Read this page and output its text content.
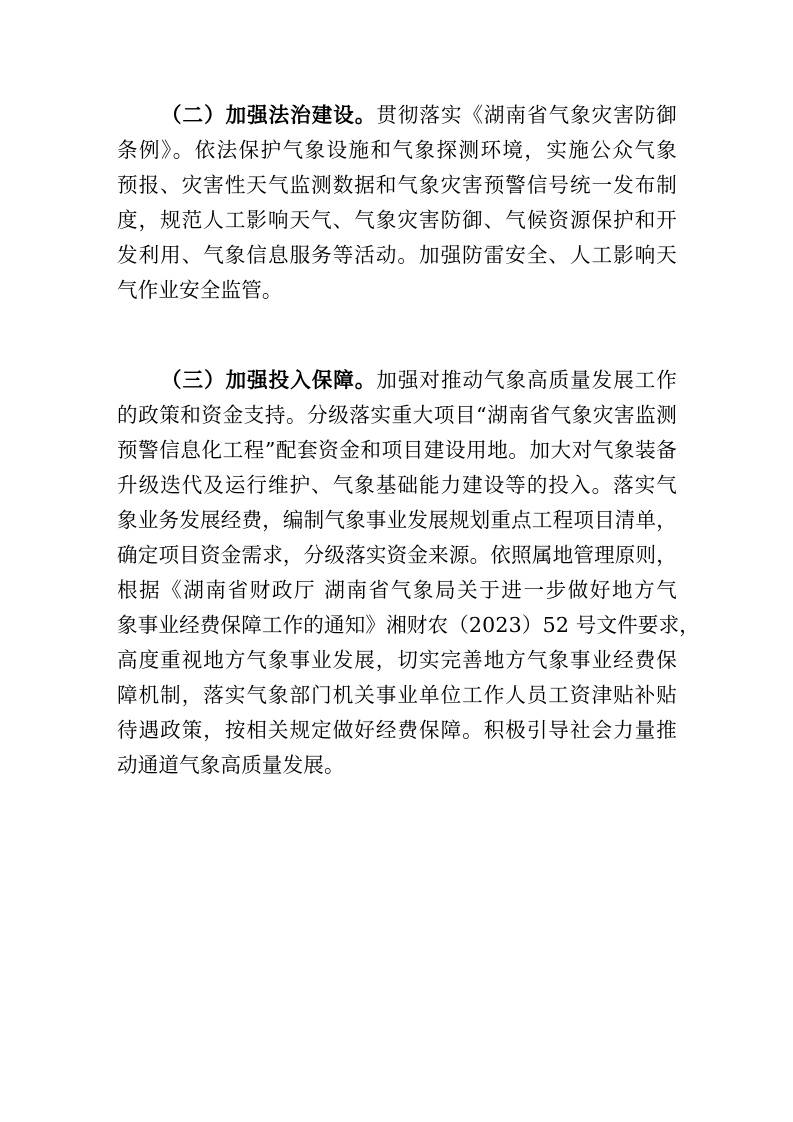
（二）加强法治建设。贯彻落实《湖南省气象灾害防御
条例》。依法保护气象设施和气象探测环境，实施公众气象
预报、灾害性天气监测数据和气象灾害预警信号统一发布制
度，规范人工影响天气、气象灾害防御、气候资源保护和开
发利用、气象信息服务等活动。加强防雷安全、人工影响天
气作业安全监管。
（三）加强投入保障。加强对推动气象高质量发展工作
的政策和资金支持。分级落实重大项目“湖南省气象灾害监测
预警信息化工程”配套资金和项目建设用地。加大对气象装备
升级迭代及运行维护、气象基础能力建设等的投入。落实气
象业务发展经费，编制气象事业发展规划重点工程项目清单，
确定项目资金需求，分级落实资金来源。依照属地管理原则，
根据《湖南省财政厅 湖南省气象局关于进一步做好地方气
象事业经费保障工作的通知》湘财农（2023）52 号文件要求，
高度重视地方气象事业发展，切实完善地方气象事业经费保
障机制，落实气象部门机关事业单位工作人员工资津贴补贴
待遇政策，按相关规定做好经费保障。积极引导社会力量推
动通道气象高质量发展。
